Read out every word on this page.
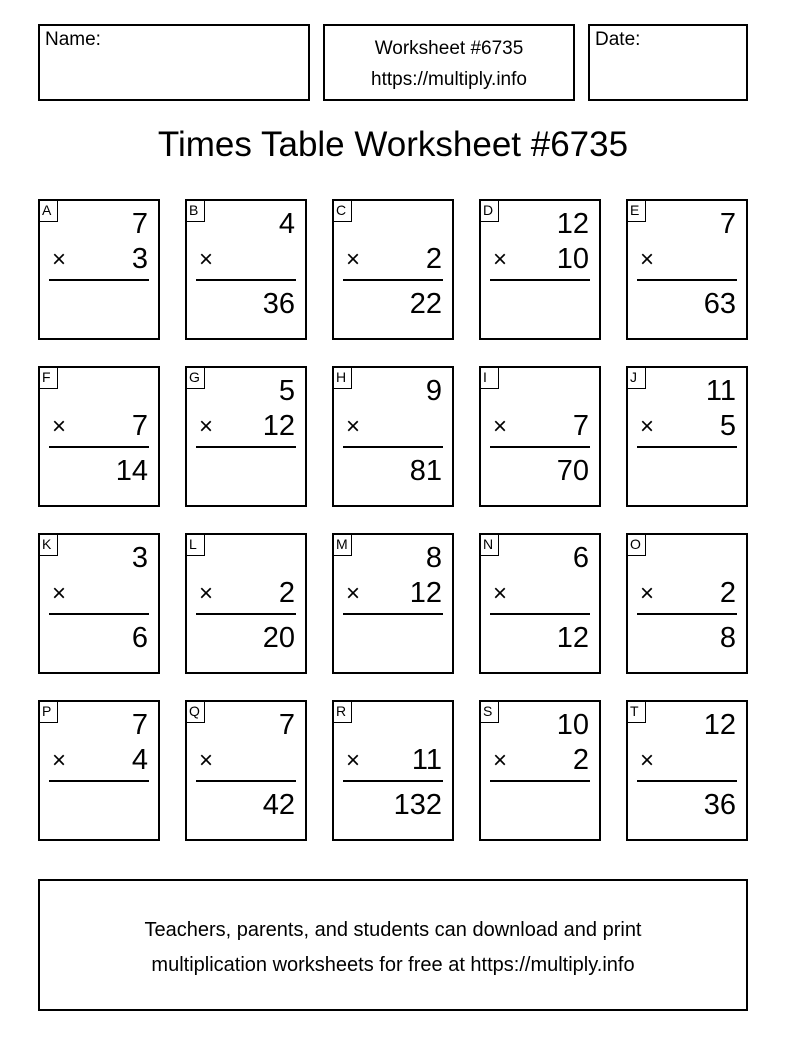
Name:	Worksheet #6735
https://multiply.info
Date:
Times Table Worksheet #6735
A	7
× 3
B	4
×
36
C
× 2
22
D 12
× 10
E	7
×
63
F
× 7
14
G	5
× 12
H	9
×
81
I
× 7
70
J	11
× 5
K	3
×
6
L
× 2
20
M	8
× 12
N	6
×
12
O
× 2
8
P	7
× 4
Q	7
×
42
R
× 11
132
S 10
× 2
T 12
×
36
Teachers, parents, and students can download and print
multiplication worksheets for free at https://multiply.info
